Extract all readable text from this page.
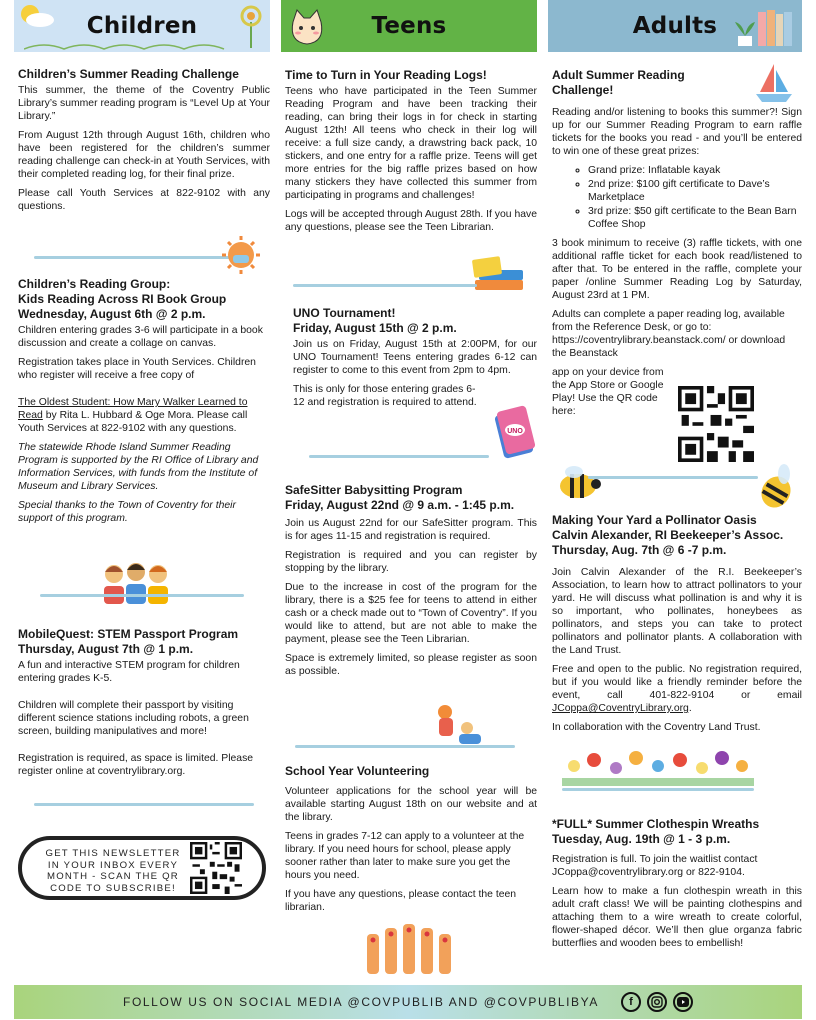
Children
Children’s Summer Reading Challenge

This summer, the theme of the Coventry Public Library’s summer reading program is “Level Up at Your Library.”

From August 12th through August 16th, children who have been registered for the children’s summer reading challenge can check-in at Youth Services, with their completed reading log, for their final prize.

Please call Youth Services at 822-9102 with any questions.

Children’s Reading Group:
Kids Reading Across RI Book Group
Wednesday, August 6th @ 2 p.m.

Children entering grades 3-6 will participate in a book discussion and create a collage on canvas.

Registration takes place in Youth Services. Children who register will receive a free copy of

The Oldest Student: How Mary Walker Learned to Read by Rita L. Hubbard & Oge Mora. Please call Youth Services at 822-9102 with any questions.

The statewide Rhode Island Summer Reading Program is supported by the RI Office of Library and Information Services, with funds from the Institute of Museum and Library Services.

Special thanks to the Town of Coventry for their support of this program.

MobileQuest: STEM Passport Program
Thursday, August 7th @ 1 p.m.

A fun and interactive STEM program for children entering grades K-5.

Children will complete their passport by visiting different science stations including robots, a green screen, building manipulatives and more!

Registration is required, as space is limited. Please register online at coventrylibrary.org.

GET THIS NEWSLETTER IN YOUR INBOX EVERY MONTH - SCAN THE QR CODE TO SUBSCRIBE!
Teens
Time to Turn in Your Reading Logs!

Teens who have participated in the Teen Summer Reading Program and have been tracking their reading, can bring their logs in for check in starting August 12th! All teens who check in their log will receive: a full size candy, a drawstring back pack, 10 stickers, and one entry for a raffle prize. Teens will get more entries for the big raffle prizes based on how many stickers they have collected this summer from participating in programs and challenges!

Logs will be accepted through August 28th. If you have any questions, please see the Teen Librarian.

UNO Tournament!
Friday, August 15th @ 2 p.m.

Join us on Friday, August 15th at 2:00PM, for our UNO Tournament! Teens entering grades 6-12 can register to come to this event from 2pm to 4pm.

This is only for those entering grades 6-12 and registration is required to attend.

UNO
SafeSitter Babysitting Program
Friday, August 22nd @ 9 a.m. - 1:45 p.m.

Join us August 22nd for our SafeSitter program. This is for ages 11-15 and registration is required.

Registration is required and you can register by stopping by the library.

Due to the increase in cost of the program for the library, there is a $25 fee for teens to attend in either cash or a check made out to “Town of Coventry”. If you would like to attend, but are not able to make the payment, please see the Teen Librarian.

Space is extremely limited, so please register as soon as possible.

School Year Volunteering

Volunteer applications for the school year will be available starting August 18th on our website and at the library.

Teens in grades 7-12 can apply to a volunteer at the library. If you need hours for school, please apply sooner rather than later to make sure you get the hours you need.

If you have any questions, please contact the teen librarian.

Adults
Adult Summer Reading
Challenge!

Reading and/or listening to books this summer?! Sign up for our Summer Reading Program to earn raffle tickets for the books you read - and you’ll be entered to win one of these great prizes:

◦ Grand prize: Inflatable kayak
◦ 2nd prize: $100 gift certificate to Dave’s Marketplace
◦ 3rd prize: $50 gift certificate to the Bean Barn Coffee Shop

3 book minimum to receive (3) raffle tickets, with one additional raffle ticket for each book read/listened to after that. To be entered in the raffle, complete your paper /online Summer Reading Log by Saturday, August 23rd at 1 PM.

Adults can complete a paper reading log, available from the Reference Desk, or go to: https://coventrylibrary.beanstack.com/ or download the Beanstack

app on your device from the App Store or Google Play! Use the QR code here:

Making Your Yard a Pollinator Oasis
Calvin Alexander, RI Beekeeper’s Assoc.
Thursday, Aug. 7th @ 6 -7 p.m.

Join Calvin Alexander of the R.I. Beekeeper’s Association, to learn how to attract pollinators to your yard. He will discuss what pollination is and why it is so important, who pollinates, honeybees as pollinators, and steps you can take to protect pollinators and pollinator plants. A collaboration with the Land Trust.

Free and open to the public. No registration required, but if you would like a friendly reminder before the event, call 401-822-9104 or email JCoppa@CoventryLibrary.org.

In collaboration with the Coventry Land Trust.

*FULL* Summer Clothespin Wreaths
Tuesday, Aug. 19th @ 1 - 3 p.m.

Registration is full. To join the waitlist contact JCoppa@coventrylibrary.org or 822-9104.

Learn how to make a fun clothespin wreath in this adult craft class! We will be painting clothespins and attaching them to a wire wreath to create colorful, flower-shaped décor. We’ll then glue organza fabric butterflies and wooden bees to embellish!

FOLLOW US ON SOCIAL MEDIA @COVPUBLIB AND @COVPUBLIBYA	f
